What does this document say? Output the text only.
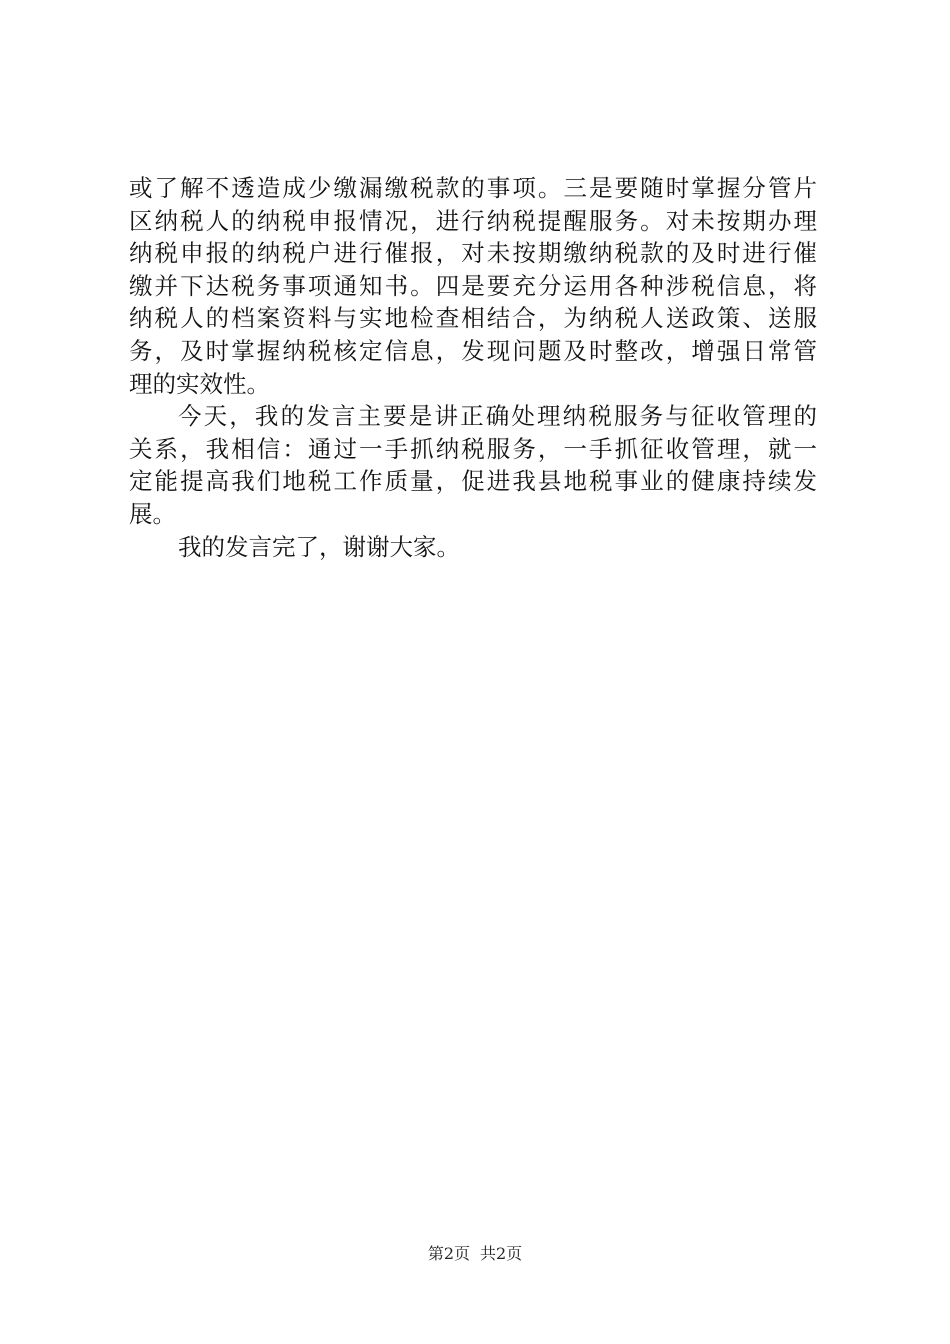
或了解不透造成少缴漏缴税款的事项。三是要随时掌握分管片
区纳税人的纳税申报情况，进行纳税提醒服务。对未按期办理
纳税申报的纳税户进行催报，对未按期缴纳税款的及时进行催
缴并下达税务事项通知书。四是要充分运用各种涉税信息，将
纳税人的档案资料与实地检查相结合，为纳税人送政策、送服
务，及时掌握纳税核定信息，发现问题及时整改，增强日常管
理的实效性。
今天，我的发言主要是讲正确处理纳税服务与征收管理的
关系，我相信：通过一手抓纳税服务，一手抓征收管理，就一
定能提高我们地税工作质量，促进我县地税事业的健康持续发
展。
我的发言完了，谢谢大家。
第2页 共2页
